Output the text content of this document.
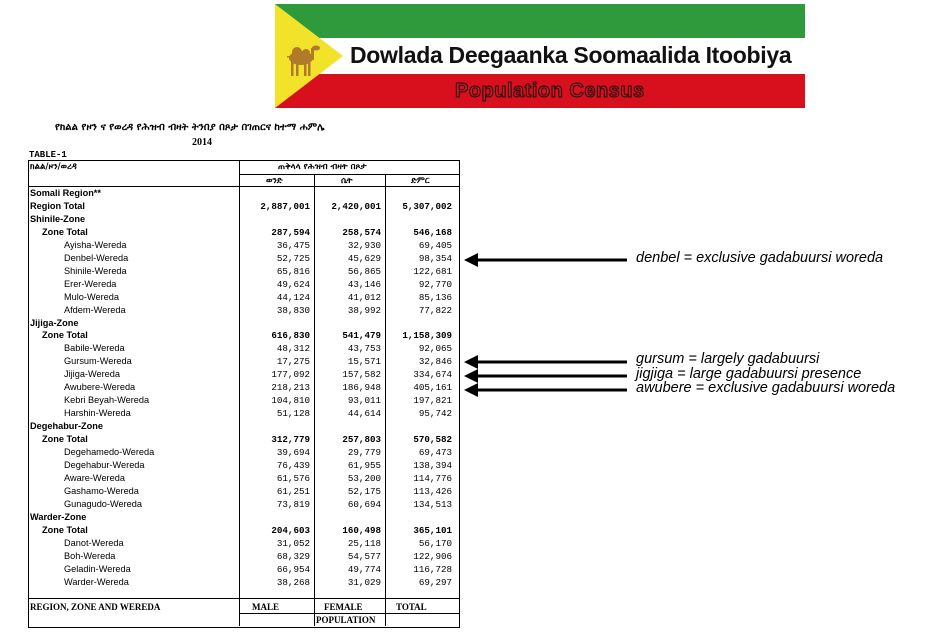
Dowlada Deegaanka Soomaalida Itoobiya
Population Census
የክልል የዞን ና የወረዳ የሕዝብ ብዛት ትንበያ በጾታ በገጠርና ከተማ ሐምሌ
2014
TABLE-1
ክልል/ዞን/ወረዳ	ጠቅላላ የሕዝብ ብዛት በጾታ
ወንድ	ሴት	ድምር
Somali Region**
Region Total	2,887,001	2,420,001	5,307,002
Shinile-Zone
Zone Total	287,594	258,574	546,168
Ayisha-Wereda	36,475	32,930	69,405
Denbel-Wereda	52,725	45,629	98,354
Shinile-Wereda	65,816	56,865	122,681
Erer-Wereda	49,624	43,146	92,770
Mulo-Wereda	44,124	41,012	85,136
Afdem-Wereda	38,830	38,992	77,822
Jijiga-Zone
Zone Total	616,830	541,479	1,158,309
Babile-Wereda	48,312	43,753	92,065
Gursum-Wereda	17,275	15,571	32,846
Jijiga-Wereda	177,092	157,582	334,674
Awubere-Wereda	218,213	186,948	405,161
Kebri Beyah-Wereda	104,810	93,011	197,821
Harshin-Wereda	51,128	44,614	95,742
Degehabur-Zone
Zone Total	312,779	257,803	570,582
Degehamedo-Wereda	39,694	29,779	69,473
Degehabur-Wereda	76,439	61,955	138,394
Aware-Wereda	61,576	53,200	114,776
Gashamo-Wereda	61,251	52,175	113,426
Gunagudo-Wereda	73,819	60,694	134,513
Warder-Zone
Zone Total	204,603	160,498	365,101
Danot-Wereda	31,052	25,118	56,170
Boh-Wereda	68,329	54,577	122,906
Geladin-Wereda	66,954	49,774	116,728
Warder-Wereda	38,268	31,029	69,297
REGION, ZONE AND WEREDA	MALE	FEMALE	TOTAL
POPULATION
denbel = exclusive gadabuursi woreda
gursum = largely gadabuursi
jigjiga = large gadabuursi presence
awubere = exclusive gadabuursi woreda
